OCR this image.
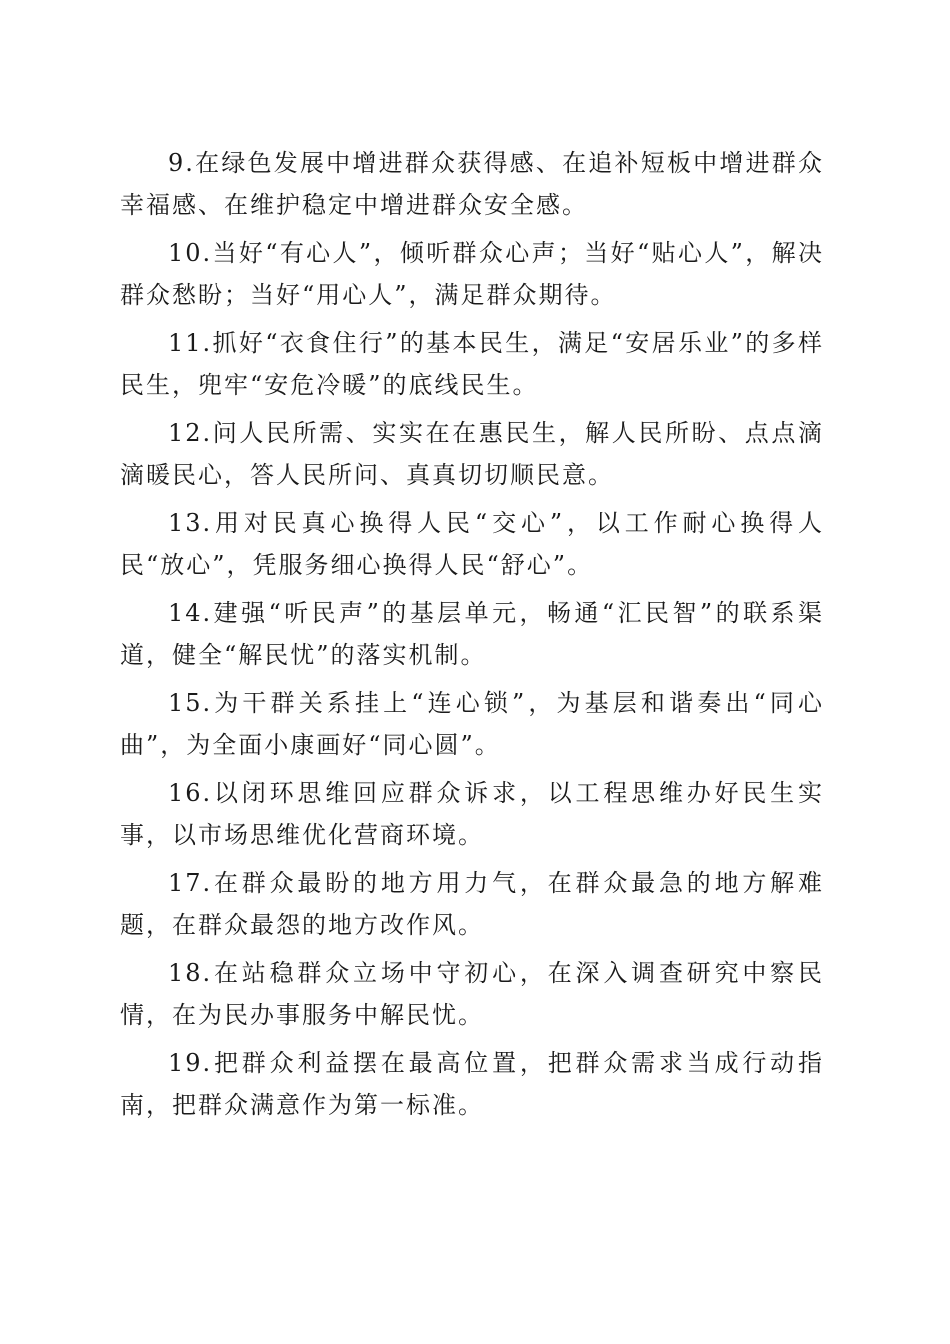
9.在绿色发展中增进群众获得感、在追补短板中增进群众幸福感、在维护稳定中增进群众安全感。

10.当好“有心人”，倾听群众心声；当好“贴心人”，解决群众愁盼；当好“用心人”，满足群众期待。

11.抓好“衣食住行”的基本民生，满足“安居乐业”的多样民生，兜牢“安危冷暖”的底线民生。

12.问人民所需、实实在在惠民生，解人民所盼、点点滴滴暖民心，答人民所问、真真切切顺民意。

13.用对民真心换得人民“交心”，以工作耐心换得人民“放心”，凭服务细心换得人民“舒心”。

14.建强“听民声”的基层单元，畅通“汇民智”的联系渠道，健全“解民忧”的落实机制。

15.为干群关系挂上“连心锁”，为基层和谐奏出“同心曲”，为全面小康画好“同心圆”。

16.以闭环思维回应群众诉求，以工程思维办好民生实事，以市场思维优化营商环境。

17.在群众最盼的地方用力气，在群众最急的地方解难题，在群众最怨的地方改作风。

18.在站稳群众立场中守初心，在深入调查研究中察民情，在为民办事服务中解民忧。

19.把群众利益摆在最高位置，把群众需求当成行动指南，把群众满意作为第一标准。
